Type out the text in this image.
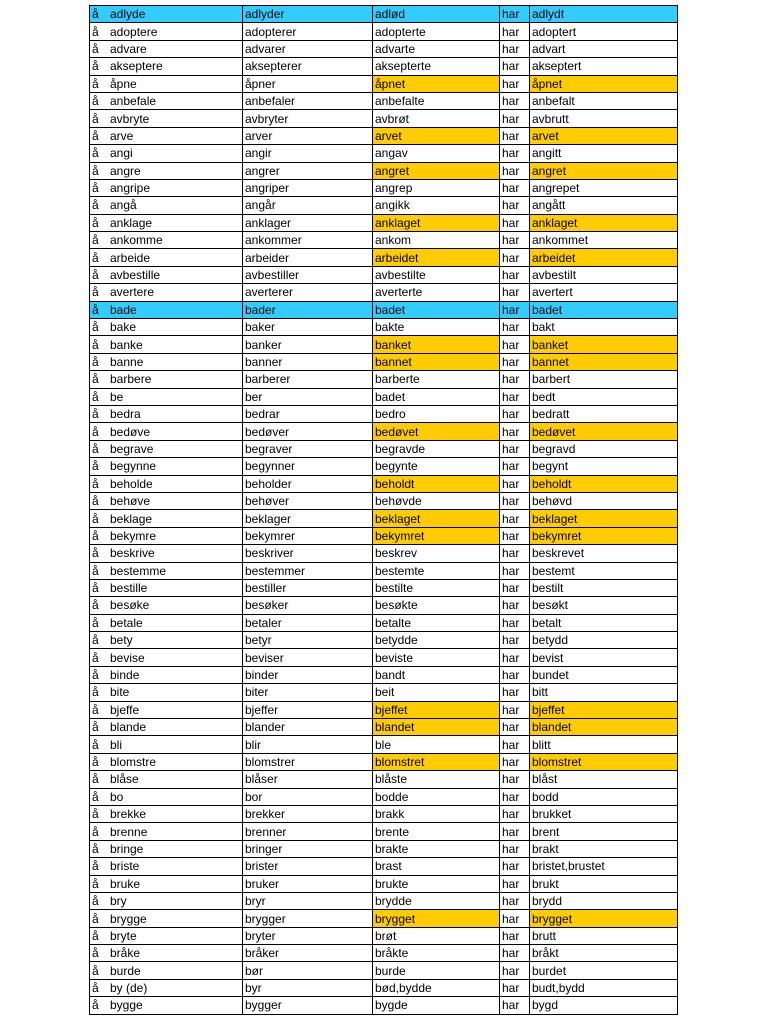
å adlyde	adlyder	adlød	har	adlydt
å adoptere	adopterer	adopterte	har	adoptert
å advare	advarer	advarte	har	advart
å akseptere	aksepterer	aksepterte	har	akseptert
å åpne	åpner	åpnet	har	åpnet
å anbefale	anbefaler	anbefalte	har	anbefalt
å avbryte	avbryter	avbrøt	har	avbrutt
å arve	arver	arvet	har	arvet
å angi	angir	angav	har	angitt
å angre	angrer	angret	har	angret
å angripe	angriper	angrep	har	angrepet
å angå	angår	angikk	har	angått
å anklage	anklager	anklaget	har	anklaget
å ankomme	ankommer	ankom	har	ankommet
å arbeide	arbeider	arbeidet	har	arbeidet
å avbestille	avbestiller	avbestilte	har	avbestilt
å avertere	averterer	averterte	har	avertert
å bade	bader	badet	har	badet
å bake	baker	bakte	har	bakt
å banke	banker	banket	har	banket
å banne	banner	bannet	har	bannet
å barbere	barberer	barberte	har	barbert
å be	ber	badet	har	bedt
å bedra	bedrar	bedro	har	bedratt
å bedøve	bedøver	bedøvet	har	bedøvet
å begrave	begraver	begravde	har	begravd
å begynne	begynner	begynte	har	begynt
å beholde	beholder	beholdt	har	beholdt
å behøve	behøver	behøvde	har	behøvd
å beklage	beklager	beklaget	har	beklaget
å bekymre	bekymrer	bekymret	har	bekymret
å beskrive	beskriver	beskrev	har	beskrevet
å bestemme	bestemmer	bestemte	har	bestemt
å bestille	bestiller	bestilte	har	bestilt
å besøke	besøker	besøkte	har	besøkt
å betale	betaler	betalte	har	betalt
å bety	betyr	betydde	har	betydd
å bevise	beviser	beviste	har	bevist
å binde	binder	bandt	har	bundet
å bite	biter	beit	har	bitt
å bjeffe	bjeffer	bjeffet	har	bjeffet
å blande	blander	blandet	har	blandet
å bli	blir	ble	har	blitt
å blomstre	blomstrer	blomstret	har	blomstret
å blåse	blåser	blåste	har	blåst
å bo	bor	bodde	har	bodd
å brekke	brekker	brakk	har	brukket
å brenne	brenner	brente	har	brent
å bringe	bringer	brakte	har	brakt
å briste	brister	brast	har	bristet,brustet
å bruke	bruker	brukte	har	brukt
å bry	bryr	brydde	har	brydd
å brygge	brygger	brygget	har	brygget
å bryte	bryter	brøt	har	brutt
å bråke	bråker	bråkte	har	bråkt
å burde	bør	burde	har	burdet
å by (de)	byr	bød,bydde	har	budt,bydd
å bygge	bygger	bygde	har	bygd
